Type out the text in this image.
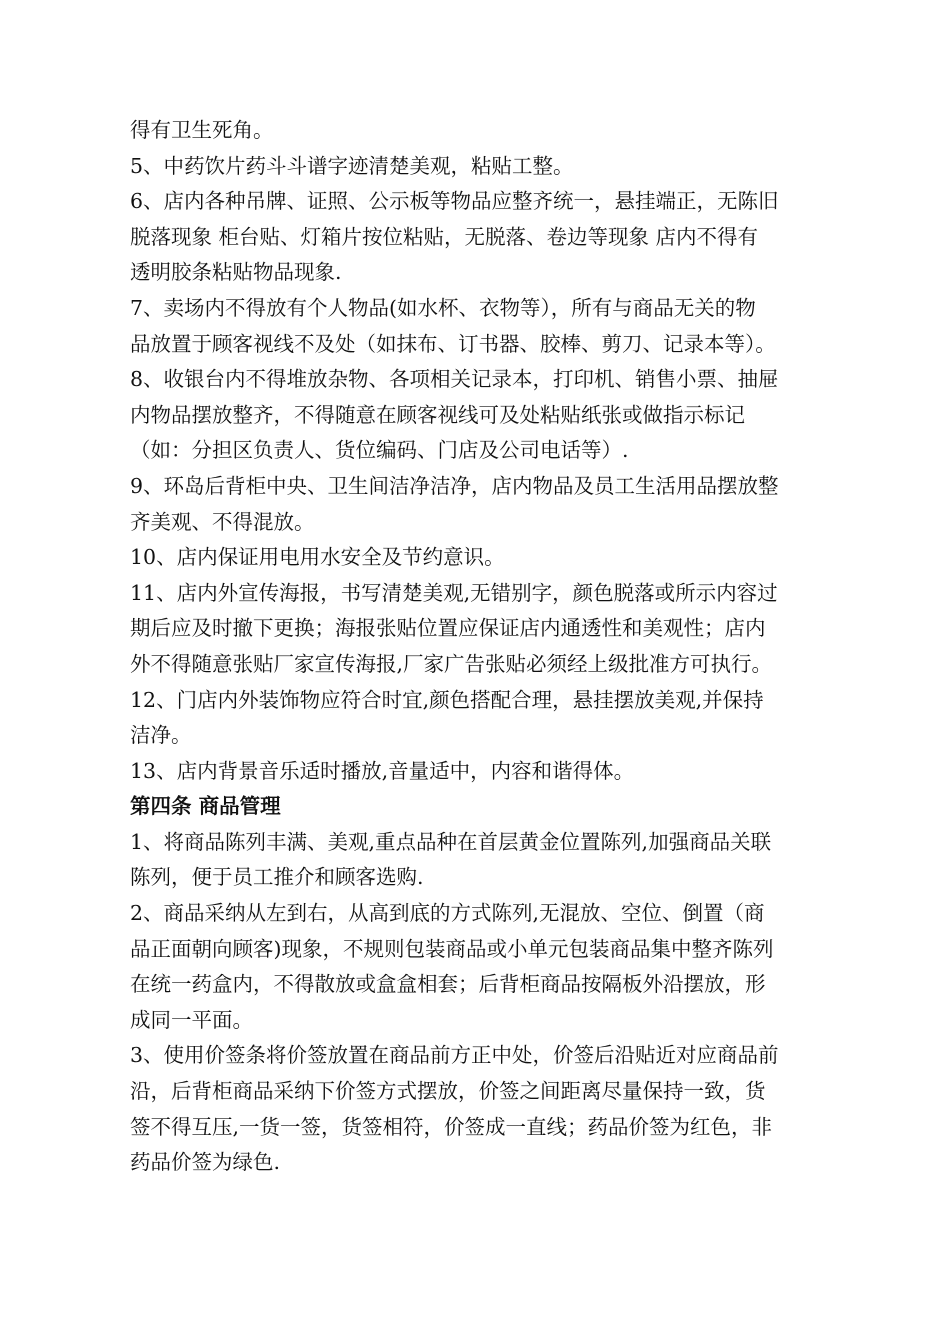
得有卫生死角。
5、中药饮片药斗斗谱字迹清楚美观，粘贴工整。
6、店内各种吊牌、证照、公示板等物品应整齐统一，悬挂端正，无陈旧
脱落现象 柜台贴、灯箱片按位粘贴，无脱落、卷边等现象 店内不得有
透明胶条粘贴物品现象.
7、卖场内不得放有个人物品(如水杯、衣物等），所有与商品无关的物
品放置于顾客视线不及处（如抹布、订书器、胶棒、剪刀、记录本等）。
8、收银台内不得堆放杂物、各项相关记录本，打印机、销售小票、抽屉
内物品摆放整齐，不得随意在顾客视线可及处粘贴纸张或做指示标记
（如：分担区负责人、货位编码、门店及公司电话等）.
9、环岛后背柜中央、卫生间洁净洁净，店内物品及员工生活用品摆放整
齐美观、不得混放。
10、店内保证用电用水安全及节约意识。
11、店内外宣传海报，书写清楚美观,无错别字，颜色脱落或所示内容过
期后应及时撤下更换；海报张贴位置应保证店内通透性和美观性；店内
外不得随意张贴厂家宣传海报,厂家广告张贴必须经上级批准方可执行。
12、门店内外装饰物应符合时宜,颜色搭配合理，悬挂摆放美观,并保持
洁净。
13、店内背景音乐适时播放,音量适中，内容和谐得体。
第四条 商品管理
1、将商品陈列丰满、美观,重点品种在首层黄金位置陈列,加强商品关联
陈列，便于员工推介和顾客选购.
2、商品采纳从左到右，从高到底的方式陈列,无混放、空位、倒置（商
品正面朝向顾客)现象，不规则包装商品或小单元包装商品集中整齐陈列
在统一药盒内，不得散放或盒盒相套；后背柜商品按隔板外沿摆放，形
成同一平面。
3、使用价签条将价签放置在商品前方正中处，价签后沿贴近对应商品前
沿，后背柜商品采纳下价签方式摆放，价签之间距离尽量保持一致，货
签不得互压,一货一签，货签相符，价签成一直线；药品价签为红色，非
药品价签为绿色.
